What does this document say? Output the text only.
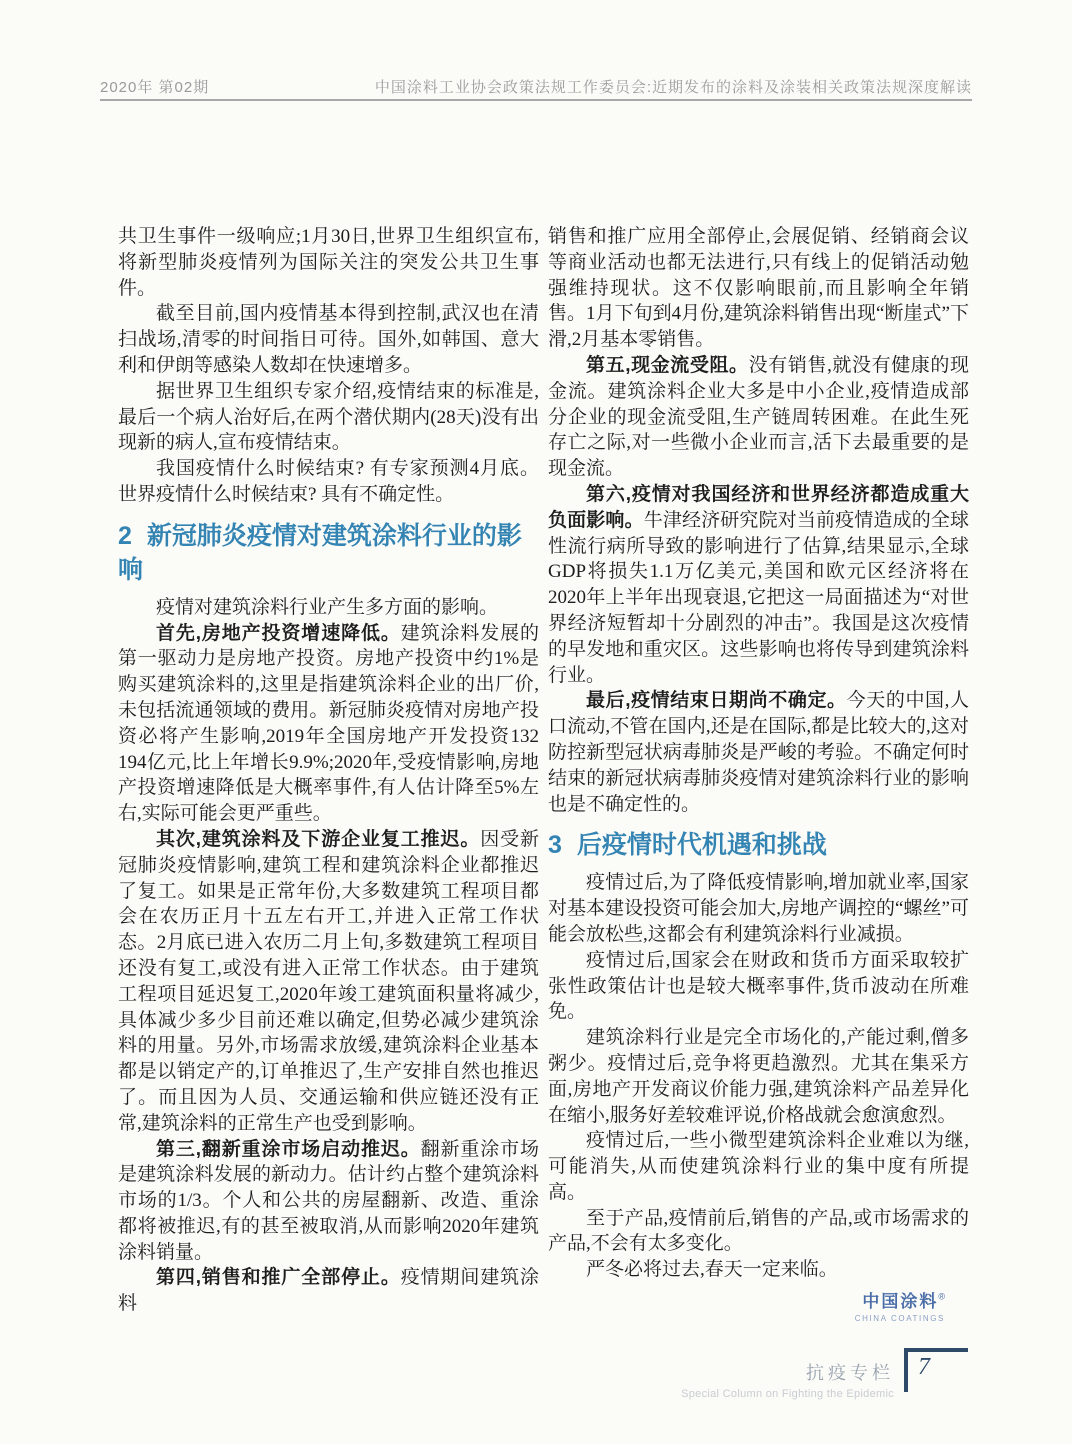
2020年 第02期	中国涂料工业协会政策法规工作委员会:近期发布的涂料及涂装相关政策法规深度解读

共卫生事件一级响应;1月30日,世界卫生组织宣布,将新型肺炎疫情列为国际关注的突发公共卫生事件。

截至目前,国内疫情基本得到控制,武汉也在清扫战场,清零的时间指日可待。国外,如韩国、意大利和伊朗等感染人数却在快速增多。

据世界卫生组织专家介绍,疫情结束的标准是,最后一个病人治好后,在两个潜伏期内(28天)没有出现新的病人,宣布疫情结束。

我国疫情什么时候结束? 有专家预测4月底。世界疫情什么时候结束? 具有不确定性。

2 新冠肺炎疫情对建筑涂料行业的影响

疫情对建筑涂料行业产生多方面的影响。

首先,房地产投资增速降低。建筑涂料发展的第一驱动力是房地产投资。房地产投资中约1%是购买建筑涂料的,这里是指建筑涂料企业的出厂价,未包括流通领域的费用。新冠肺炎疫情对房地产投资必将产生影响,2019年全国房地产开发投资132 194亿元,比上年增长9.9%;2020年,受疫情影响,房地产投资增速降低是大概率事件,有人估计降至5%左右,实际可能会更严重些。

其次,建筑涂料及下游企业复工推迟。因受新冠肺炎疫情影响,建筑工程和建筑涂料企业都推迟了复工。如果是正常年份,大多数建筑工程项目都会在农历正月十五左右开工,并进入正常工作状态。2月底已进入农历二月上旬,多数建筑工程项目还没有复工,或没有进入正常工作状态。由于建筑工程项目延迟复工,2020年竣工建筑面积量将减少,具体减少多少目前还难以确定,但势必减少建筑涂料的用量。另外,市场需求放缓,建筑涂料企业基本都是以销定产的,订单推迟了,生产安排自然也推迟了。而且因为人员、交通运输和供应链还没有正常,建筑涂料的正常生产也受到影响。

第三,翻新重涂市场启动推迟。翻新重涂市场是建筑涂料发展的新动力。估计约占整个建筑涂料市场的1/3。个人和公共的房屋翻新、改造、重涂都将被推迟,有的甚至被取消,从而影响2020年建筑涂料销量。

第四,销售和推广全部停止。疫情期间建筑涂料

销售和推广应用全部停止,会展促销、经销商会议等商业活动也都无法进行,只有线上的促销活动勉强维持现状。这不仅影响眼前,而且影响全年销售。1月下旬到4月份,建筑涂料销售出现“断崖式”下滑,2月基本零销售。

第五,现金流受阻。没有销售,就没有健康的现金流。建筑涂料企业大多是中小企业,疫情造成部分企业的现金流受阻,生产链周转困难。在此生死存亡之际,对一些微小企业而言,活下去最重要的是现金流。

第六,疫情对我国经济和世界经济都造成重大负面影响。牛津经济研究院对当前疫情造成的全球性流行病所导致的影响进行了估算,结果显示,全球GDP将损失1.1万亿美元,美国和欧元区经济将在2020年上半年出现衰退,它把这一局面描述为“对世界经济短暂却十分剧烈的冲击”。我国是这次疫情的早发地和重灾区。这些影响也将传导到建筑涂料行业。

最后,疫情结束日期尚不确定。今天的中国,人口流动,不管在国内,还是在国际,都是比较大的,这对防控新型冠状病毒肺炎是严峻的考验。不确定何时结束的新冠状病毒肺炎疫情对建筑涂料行业的影响也是不确定性的。

3 后疫情时代机遇和挑战

疫情过后,为了降低疫情影响,增加就业率,国家对基本建设投资可能会加大,房地产调控的“螺丝”可能会放松些,这都会有利建筑涂料行业减损。

疫情过后,国家会在财政和货币方面采取较扩张性政策估计也是较大概率事件,货币波动在所难免。

建筑涂料行业是完全市场化的,产能过剩,僧多粥少。疫情过后,竞争将更趋激烈。尤其在集采方面,房地产开发商议价能力强,建筑涂料产品差异化在缩小,服务好差较难评说,价格战就会愈演愈烈。

疫情过后,一些小微型建筑涂料企业难以为继,可能消失,从而使建筑涂料行业的集中度有所提高。

至于产品,疫情前后,销售的产品,或市场需求的产品,不会有太多变化。

严冬必将过去,春天一定来临。

中国涂料®
CHINA COATINGS
抗疫专栏
Special Column on Fighting the Epidemic
7
